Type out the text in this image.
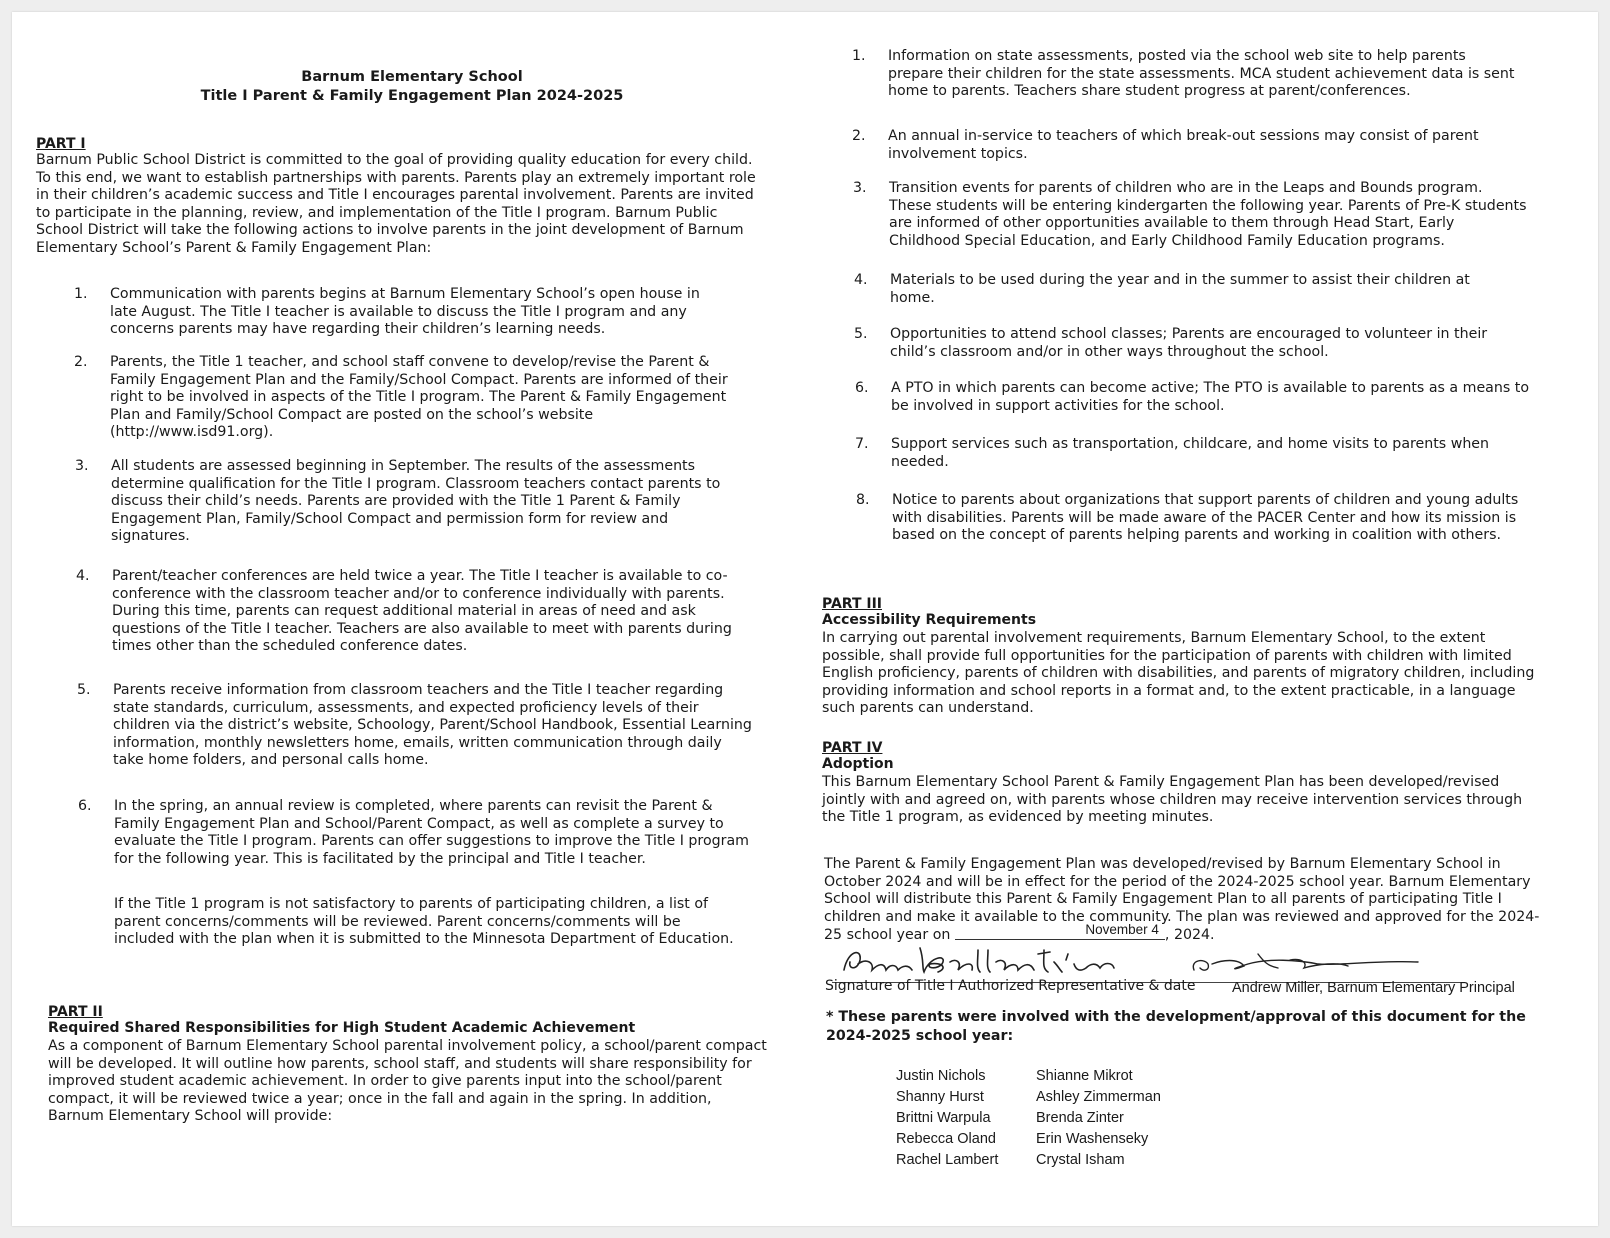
Barnum Elementary School
Title I Parent & Family Engagement Plan 2024-2025
PART I

Barnum Public School District is committed to the goal of providing quality education for every child. To this end, we want to establish partnerships with parents. Parents play an extremely important role in their children’s academic success and Title I encourages parental involvement. Parents are invited to participate in the planning, review, and implementation of the Title I program. Barnum Public School District will take the following actions to involve parents in the joint development of Barnum Elementary School’s Parent & Family Engagement Plan:

1. Communication with parents begins at Barnum Elementary School’s open house in late August. The Title I teacher is available to discuss the Title I program and any concerns parents may have regarding their children’s learning needs.
2. Parents, the Title 1 teacher, and school staff convene to develop/revise the Parent & Family Engagement Plan and the Family/School Compact. Parents are informed of their right to be involved in aspects of the Title I program. The Parent & Family Engagement Plan and Family/School Compact are posted on the school’s website (http://www.isd91.org).
3. All students are assessed beginning in September. The results of the assessments determine qualification for the Title I program. Classroom teachers contact parents to discuss their child’s needs. Parents are provided with the Title 1 Parent & Family Engagement Plan, Family/School Compact and permission form for review and signatures.
4. Parent/teacher conferences are held twice a year. The Title I teacher is available to co-conference with the classroom teacher and/or to conference individually with parents. During this time, parents can request additional material in areas of need and ask questions of the Title I teacher. Teachers are also available to meet with parents during times other than the scheduled conference dates.
5. Parents receive information from classroom teachers and the Title I teacher regarding state standards, curriculum, assessments, and expected proficiency levels of their children via the district’s website, Schoology, Parent/School Handbook, Essential Learning information, monthly newsletters home, emails, written communication through daily take home folders, and personal calls home.
6. In the spring, an annual review is completed, where parents can revisit the Parent & Family Engagement Plan and School/Parent Compact, as well as complete a survey to evaluate the Title I program. Parents can offer suggestions to improve the Title I program for the following year. This is facilitated by the principal and Title I teacher.

If the Title 1 program is not satisfactory to parents of participating children, a list of parent concerns/comments will be reviewed. Parent concerns/comments will be included with the plan when it is submitted to the Minnesota Department of Education.

PART II
Required Shared Responsibilities for High Student Academic Achievement

As a component of Barnum Elementary School parental involvement policy, a school/parent compact will be developed. It will outline how parents, school staff, and students will share responsibility for improved student academic achievement. In order to give parents input into the school/parent compact, it will be reviewed twice a year; once in the fall and again in the spring. In addition, Barnum Elementary School will provide:

1. Information on state assessments, posted via the school web site to help parents prepare their children for the state assessments. MCA student achievement data is sent home to parents. Teachers share student progress at parent/conferences.
2. An annual in-service to teachers of which break-out sessions may consist of parent involvement topics.
3. Transition events for parents of children who are in the Leaps and Bounds program. These students will be entering kindergarten the following year. Parents of Pre-K students are informed of other opportunities available to them through Head Start, Early Childhood Special Education, and Early Childhood Family Education programs.
4. Materials to be used during the year and in the summer to assist their children at home.
5. Opportunities to attend school classes; Parents are encouraged to volunteer in their child’s classroom and/or in other ways throughout the school.
6. A PTO in which parents can become active; The PTO is available to parents as a means to be involved in support activities for the school.
7. Support services such as transportation, childcare, and home visits to parents when needed.
8. Notice to parents about organizations that support parents of children and young adults with disabilities. Parents will be made aware of the PACER Center and how its mission is based on the concept of parents helping parents and working in coalition with others.
PART III
Accessibility Requirements

In carrying out parental involvement requirements, Barnum Elementary School, to the extent possible, shall provide full opportunities for the participation of parents with children with limited English proficiency, parents of children with disabilities, and parents of migratory children, including providing information and school reports in a format and, to the extent practicable, in a language such parents can understand.

PART IV
Adoption

This Barnum Elementary School Parent & Family Engagement Plan has been developed/revised jointly with and agreed on, with parents whose children may receive intervention services through the Title 1 program, as evidenced by meeting minutes.

The Parent & Family Engagement Plan was developed/revised by Barnum Elementary School in October 2024 and will be in effect for the period of the 2024-2025 school year. Barnum Elementary School will distribute this Parent & Family Engagement Plan to all parents of participating Title I children and make it available to the community. The plan was reviewed and approved for the 2024-25 school year on	November 4 , 2024.

Signature of Title I Authorized Representative & date	Andrew Miller, Barnum Elementary Principal
* These parents were involved with the development/approval of this document for the 2024-2025 school year:
Justin Nichols
Shanny Hurst
Brittni Warpula
Rebecca Oland
Rachel Lambert
Shianne Mikrot
Ashley Zimmerman
Brenda Zinter
Erin Washenseky
Crystal Isham
